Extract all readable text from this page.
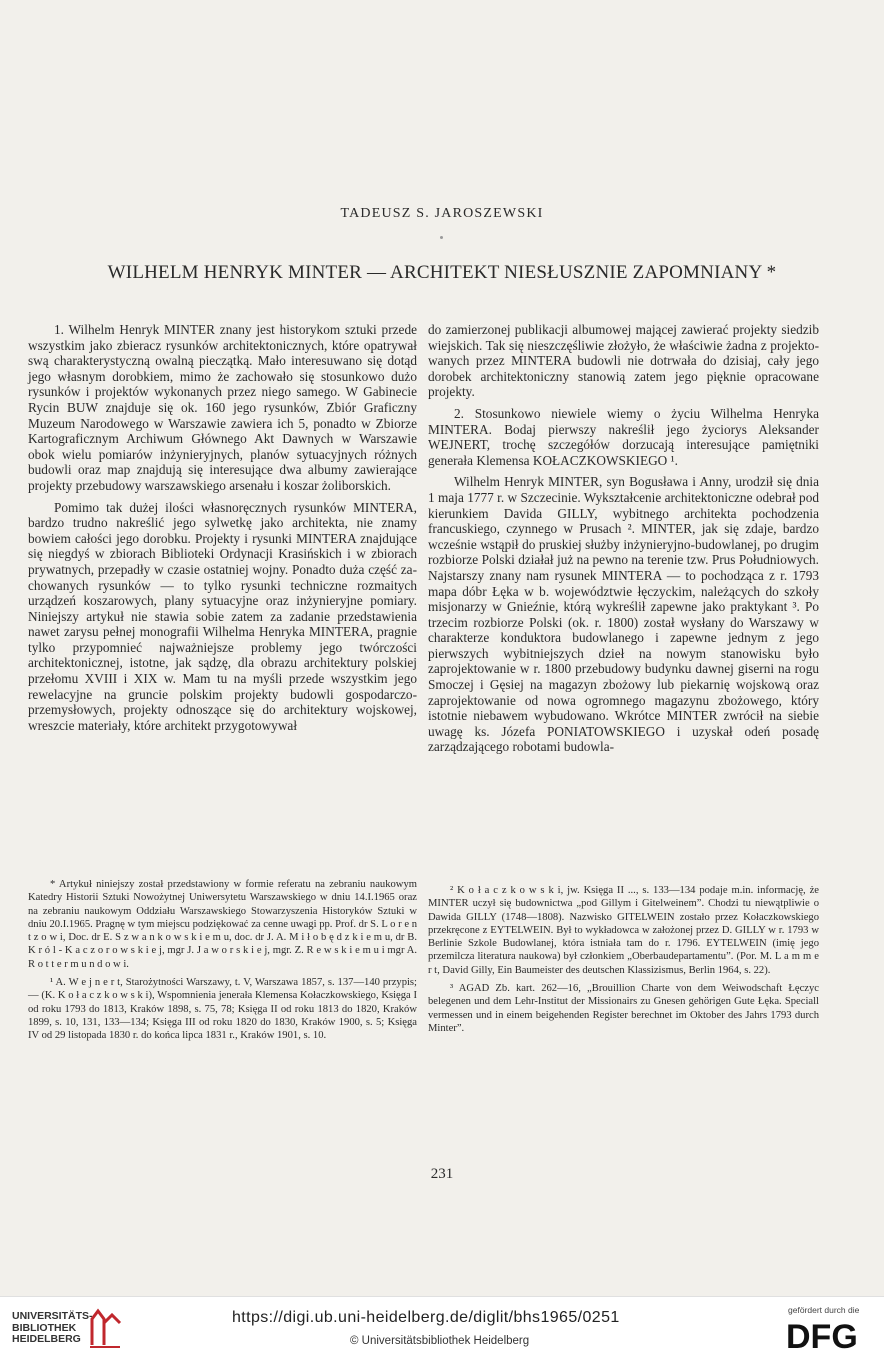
TADEUSZ S. JAROSZEWSKI
WILHELM HENRYK MINTER — ARCHITEKT NIESŁUSZNIE ZAPOMNIANY *

1. Wilhelm Henryk MINTER znany jest historykom sztuki przede wszystkim jako zbieracz rysunków architektonicznych, które opatrywał swą charakterystyczną owalną pieczątką. Mało interesuwano się dotąd jego własnym dorobkiem, mimo że zachowało się stosunkowo dużo rysunków i projektów wykonanych przez niego samego. W Gabinecie Rycin BUW znajduje się ok. 160 jego rysunków, Zbiór Graficzny Muzeum Narodowego w Warszawie zawiera ich 5, ponadto w Zbiorze Kartograficznym Archiwum Głównego Akt Dawnych w Warszawie obok wielu pomiarów inżynieryjnych, planów sytuacyjnych różnych budowli oraz map znajdują się interesujące dwa albumy zawierające projekty przebudowy warszawskiego arsenału i koszar żoliborskich.

Pomimo tak dużej ilości własnoręcznych rysunków MINTERA, bardzo trudno nakreślić jego sylwetkę jako architekta, nie znamy bowiem całości jego dorobku. Projekty i rysunki MINTERA znajdujące się niegdyś w zbiorach Biblioteki Ordynacji Krasińskich i w zbiorach prywatnych, przepadły w czasie ostatniej wojny. Ponadto duża część zachowanych rysunków — to tylko rysunki techniczne rozmaitych urządzeń koszarowych, plany sytuacyjne oraz inżynieryjne pomiary. Niniejszy artykuł nie stawia sobie zatem za zadanie przedstawienia nawet zarysu pełnej monografii Wilhelma Henryka MINTERA, pragnie tylko przypomnieć najważniejsze problemy jego twórczości architektonicznej, istotne, jak sądzę, dla obrazu architektury polskiej przełomu XVIII i XIX w. Mam tu na myśli przede wszystkim jego rewelacyjne na gruncie polskim projekty budowli gospodarczo-przemysłowych, projekty odnoszące się do architektury wojskowej, wreszcie materiały, które architekt przygotowywał

do zamierzonej publikacji albumowej mającej zawierać projekty siedzib wiejskich. Tak się nieszczęśliwie złożyło, że właściwie żadna z projektowanych przez MINTERA budowli nie dotrwała do dzisiaj, cały jego dorobek architektoniczny stanowią zatem jego pięknie opracowane projekty.

2. Stosunkowo niewiele wiemy o życiu Wilhelma Henryka MINTERA. Bodaj pierwszy nakreślił jego życiorys Aleksander WEJNERT, trochę szczegółów dorzucają interesujące pamiętniki generała Klemensa KOŁACZKOWSKIEGO ¹.

Wilhelm Henryk MINTER, syn Bogusława i Anny, urodził się dnia 1 maja 1777 r. w Szczecinie. Wykształcenie architektoniczne odebrał pod kierunkiem Davida GILLY, wybitnego architekta pochodzenia francuskiego, czynnego w Prusach ². MINTER, jak się zdaje, bardzo wcześnie wstąpił do pruskiej służby inżynieryjno-budowlanej, po drugim rozbiorze Polski działał już na pewno na terenie tzw. Prus Południowych. Najstarszy znany nam rysunek MINTERA — to pochodząca z r. 1793 mapa dóbr Łęka w b. województwie łęczyckim, należących do szkoły misjonarzy w Gnieźnie, którą wykreślił zapewne jako praktykant ³. Po trzecim rozbiorze Polski (ok. r. 1800) został wysłany do Warszawy w charakterze konduktora budowlanego i zapewne jednym z jego pierwszych wybitniejszych dzieł na nowym stanowisku było zaprojektowanie w r. 1800 przebudowy budynku dawnej giserni na rogu Smoczej i Gęsiej na magazyn zbożowy lub piekarnię wojskową oraz zaprojektowanie od nowa ogromnego magazynu zbożowego, który istotnie niebawem wybudowano. Wkrótce MINTER zwrócił na siebie uwagę ks. Józefa PONIATOWSKIEGO i uzyskał odeń posadę zarządzającego robotami budowla-

* Artykuł niniejszy został przedstawiony w formie referatu na zebraniu naukowym Katedry Historii Sztuki Nowożytnej Uniwersytetu Warszawskiego w dniu 14.I.1965 oraz na zebraniu naukowym Oddziału Warszawskiego Stowarzyszenia Historyków Sztuki w dniu 20.I.1965. Pragnę w tym miejscu podziękować za cenne uwagi pp. Prof. dr S. L o r e n t z o w i, Doc. dr E. S z w a n k o w s k i e m u, doc. dr J. A. M i ł o b ę d z k i e m u, dr B. K r ó l - K a c z o r o w s k i e j, mgr J. J a w o r s k i e j, mgr. Z. R e w s k i e m u i mgr A. R o t t e r m u n d o w i.

¹ A. W e j n e r t, Starożytności Warszawy, t. V, Warszawa 1857, s. 137—140 przypis; — (K. K o ł a c z k o w s k i), Wspomnienia jenerała Klemensa Kołaczkowskiego, Księga I od roku 1793 do 1813, Kraków 1898, s. 75, 78; Księga II od roku 1813 do 1820, Kraków 1899, s. 10, 131, 133—134; Księga III od roku 1820 do 1830, Kraków 1900, s. 5; Księga IV od 29 listopada 1830 r. do końca lipca 1831 r., Kraków 1901, s. 10.

² K o ł a c z k o w s k i, jw. Księga II ..., s. 133—134 podaje m.in. informację, że MINTER uczył się budownictwa „pod Gillym i Gitelweinem”. Chodzi tu niewątpliwie o Dawida GILLY (1748—1808). Nazwisko GITELWEIN zostało przez Kołaczkowskiego przekręcone z EYTELWEIN. Był to wykładowca w założonej przez D. GILLY w r. 1793 w Berlinie Szkole Budowlanej, która istniała tam do r. 1796. EYTELWEIN (imię jego przemilcza literatura naukowa) był członkiem „Oberbaudepartamentu”. (Por. M. L a m m e r t, David Gilly, Ein Baumeister des deutschen Klassizismus, Berlin 1964, s. 22).

³ AGAD Zb. kart. 262—16, „Brouillion Charte von dem Weiwodschaft Łęczyc belegenen und dem Lehr-Institut der Missionairs zu Gnesen gehörigen Gute Łęka. Speciall vermessen und in einem beigehenden Register berechnet im Oktober des Jahrs 1793 durch Minter”.

231
UNIVERSITÄTS-
BIBLIOTHEK
HEIDELBERG
https://digi.ub.uni-heidelberg.de/diglit/bhs1965/0251
© Universitätsbibliothek Heidelberg
gefördert durch die
DFG
